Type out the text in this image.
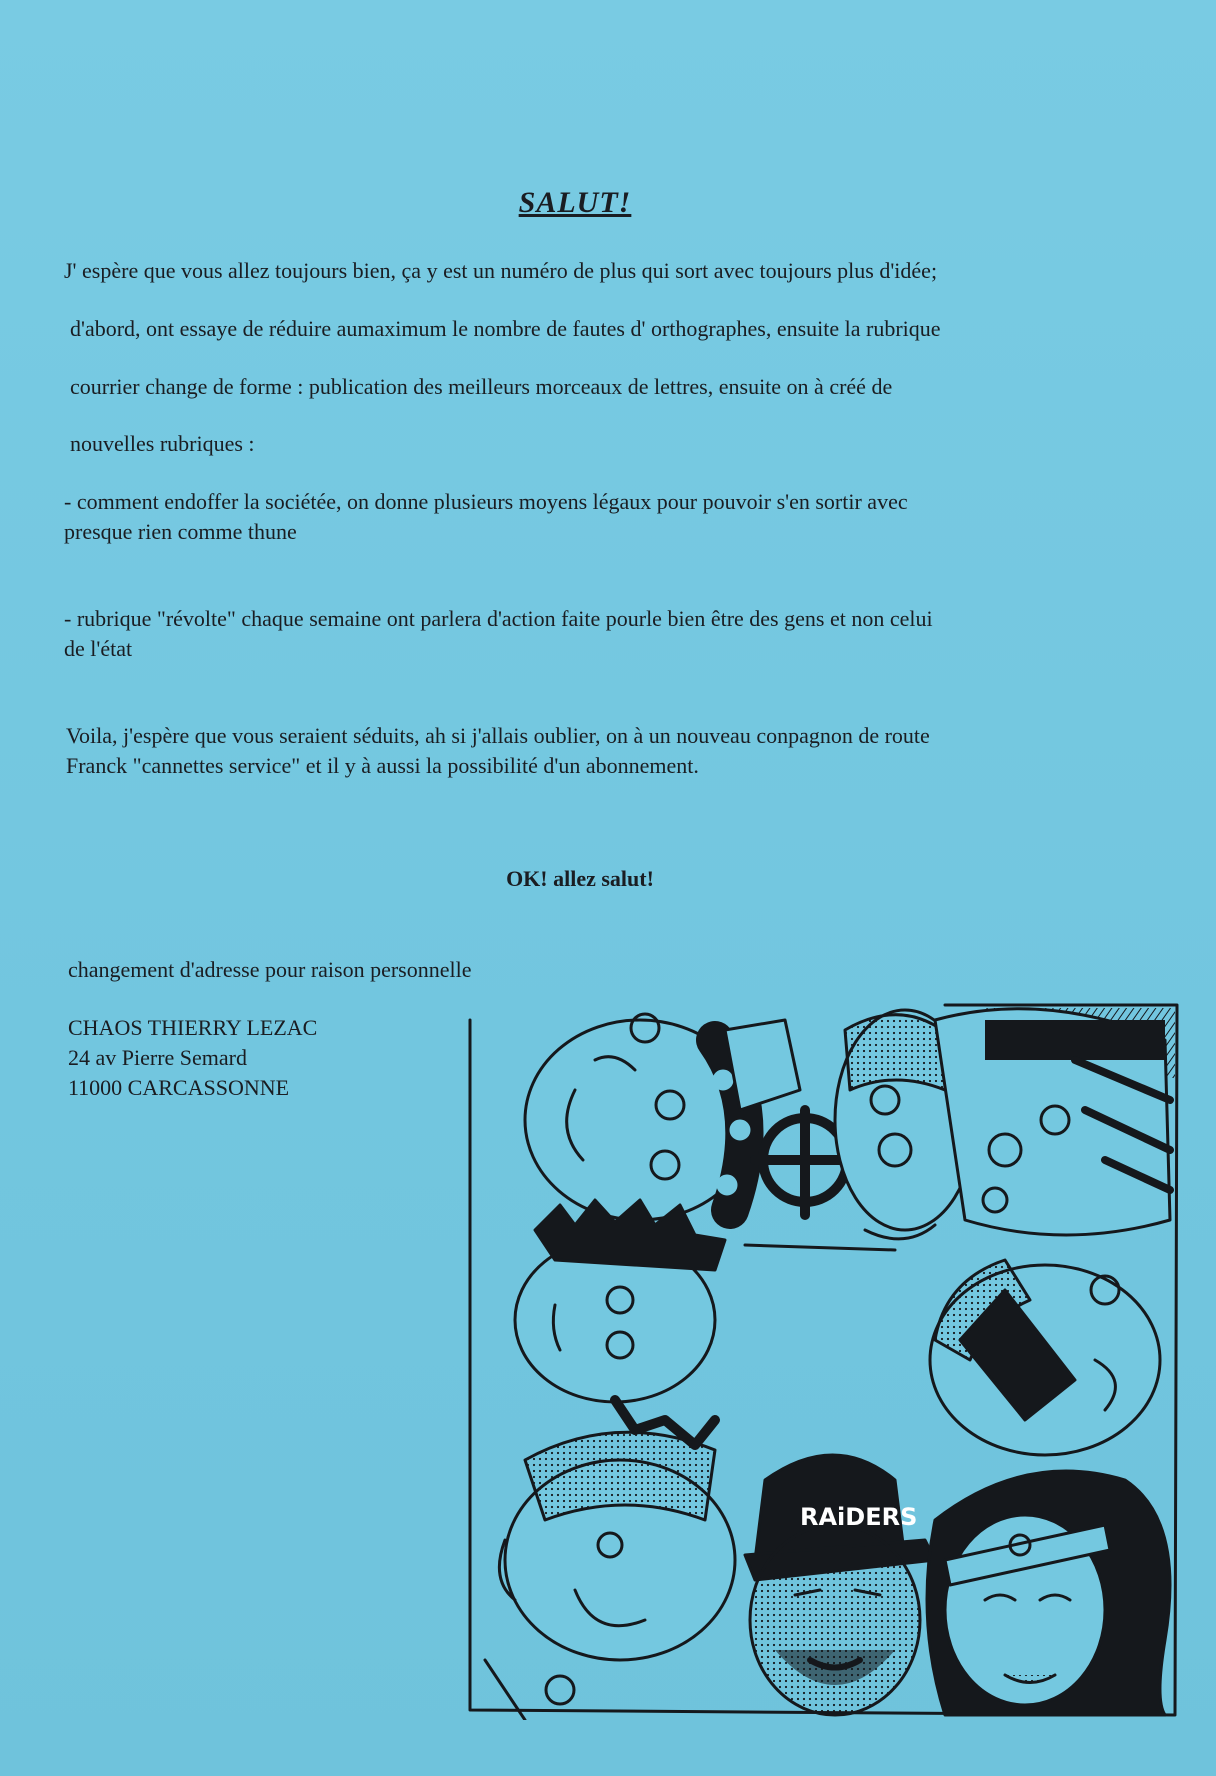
SALUT!
J' espère que vous allez toujours bien, ça y est un numéro de plus qui sort avec toujours plus d'idée;
d'abord, ont essaye de réduire aumaximum le nombre de fautes d' orthographes, ensuite la rubrique
courrier change de forme : publication des meilleurs morceaux de lettres, ensuite on à créé de
nouvelles rubriques :
- comment endoffer la sociétée, on donne plusieurs moyens légaux pour pouvoir s'en sortir avec
presque rien comme thune
- rubrique "révolte" chaque semaine ont parlera d'action faite pourle bien être des gens et non celui
de l'état
Voila, j'espère que vous seraient séduits, ah si j'allais oublier, on à un nouveau conpagnon de route
Franck "cannettes service" et il y à aussi la possibilité d'un abonnement.
OK! allez salut!
changement d'adresse pour raison personnelle
CHAOS THIERRY LEZAC
24 av Pierre Semard
11000 CARCASSONNE
RAiDERS
